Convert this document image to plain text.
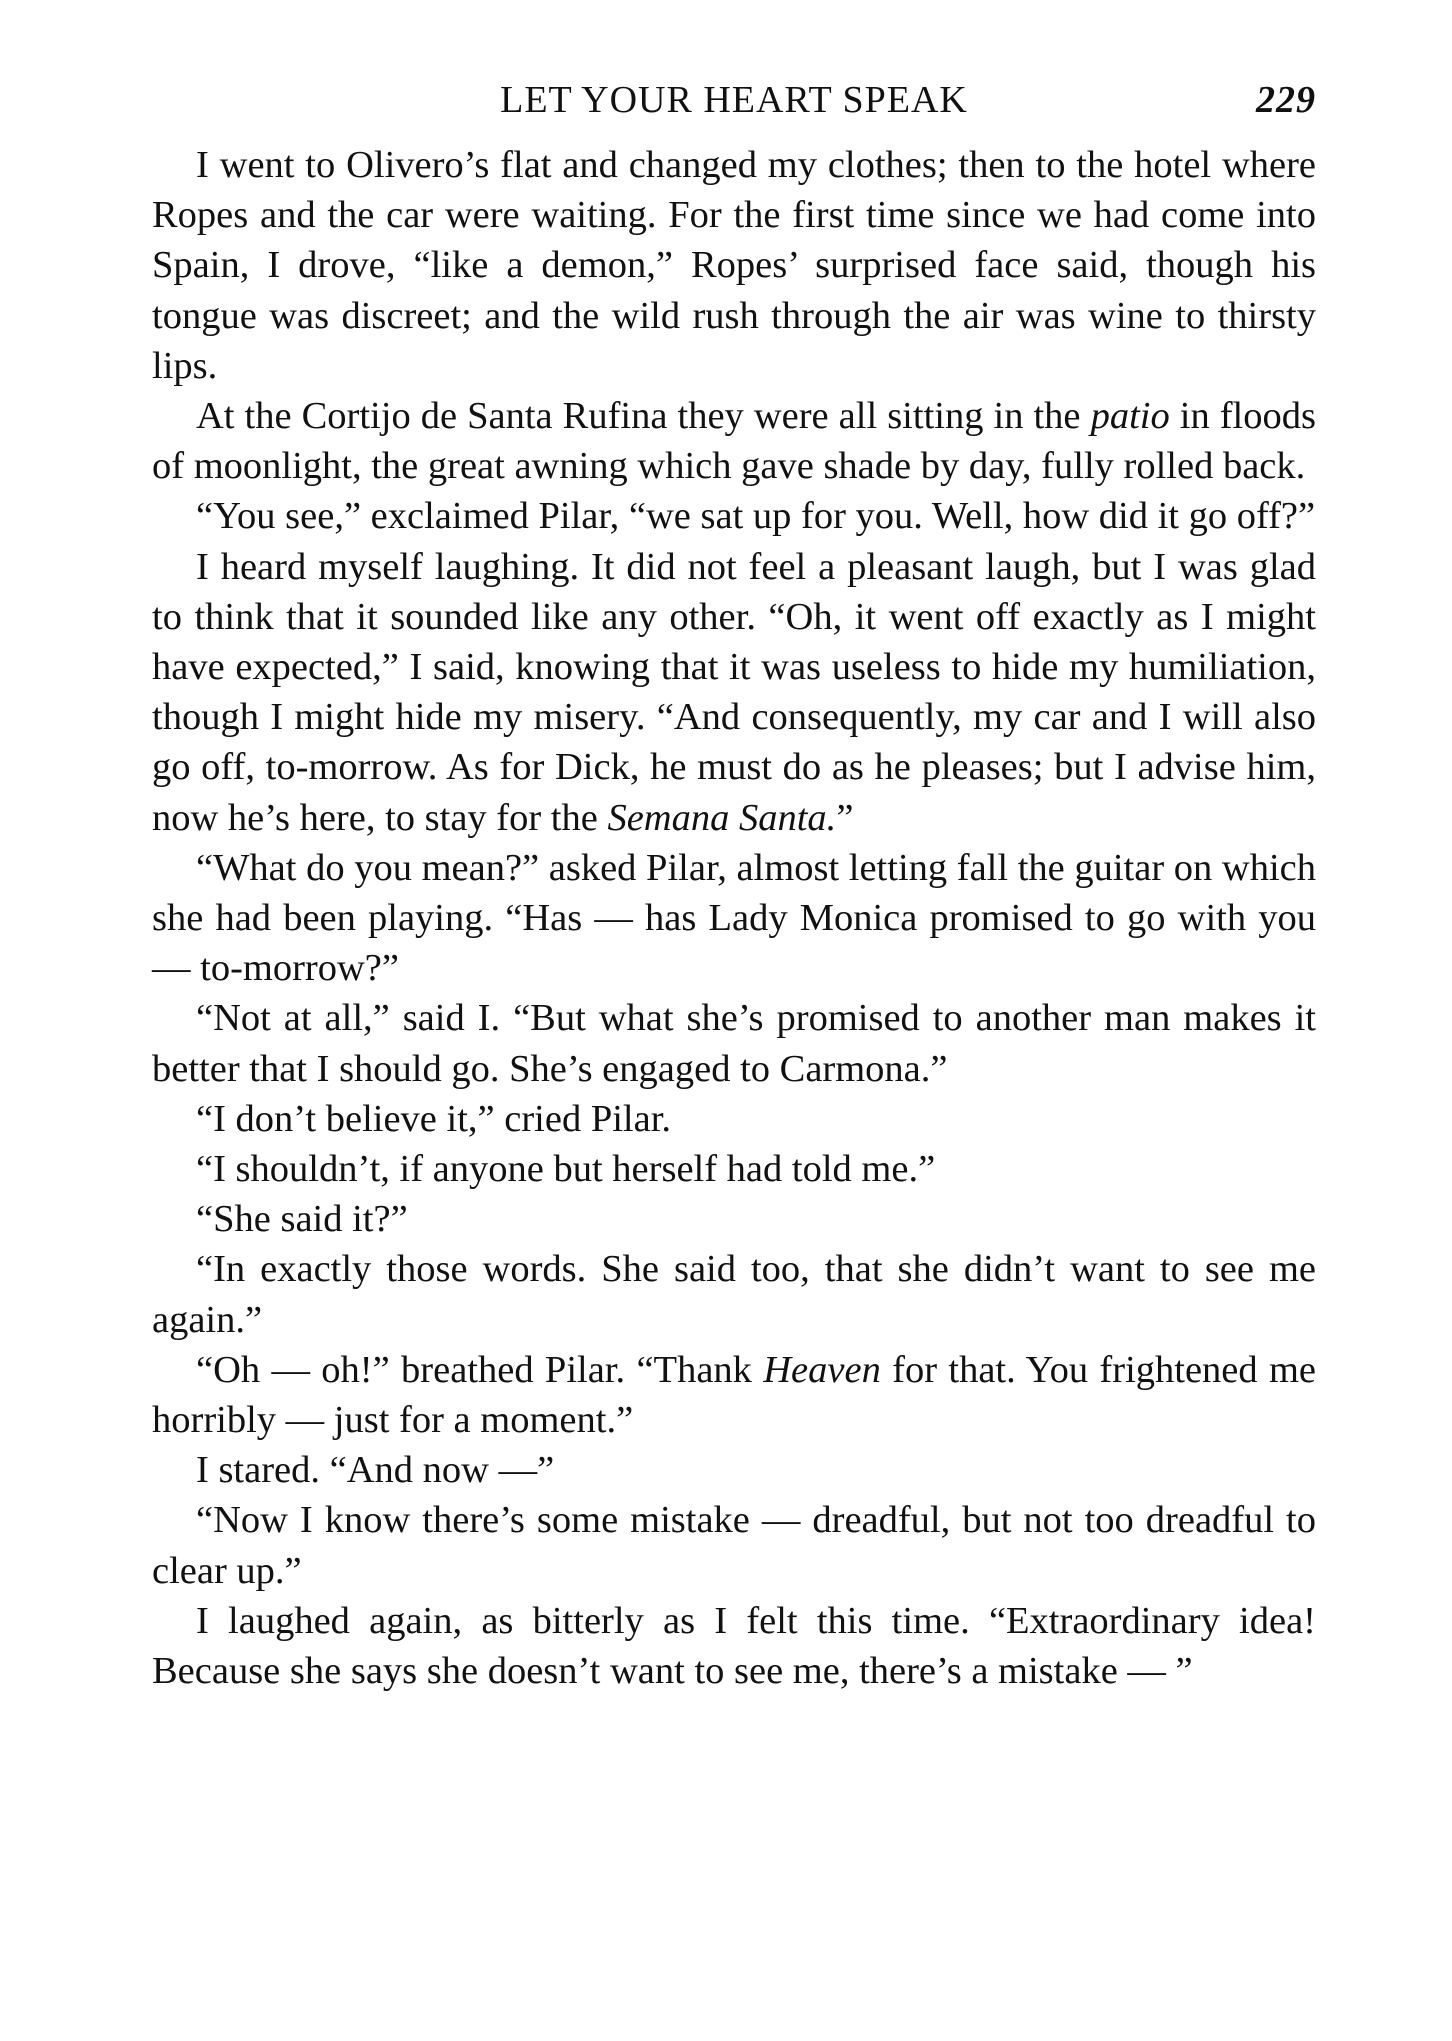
LET YOUR HEART SPEAK	229

I went to Olivero’s flat and changed my clothes; then to the hotel where Ropes and the car were waiting. For the first time since we had come into Spain, I drove, “like a demon,” Ropes’ surprised face said, though his tongue was discreet; and the wild rush through the air was wine to thirsty lips.

At the Cortijo de Santa Rufina they were all sitting in the patio in floods of moonlight, the great awning which gave shade by day, fully rolled back.

“You see,” exclaimed Pilar, “we sat up for you. Well, how did it go off?”

I heard myself laughing. It did not feel a pleasant laugh, but I was glad to think that it sounded like any other. “Oh, it went off exactly as I might have expected,” I said, knowing that it was useless to hide my humiliation, though I might hide my misery. “And consequently, my car and I will also go off, to-morrow. As for Dick, he must do as he pleases; but I advise him, now he’s here, to stay for the Semana Santa.”

“What do you mean?” asked Pilar, almost letting fall the guitar on which she had been playing. “Has — has Lady Monica promised to go with you — to-morrow?”

“Not at all,” said I. “But what she’s promised to another man makes it better that I should go. She’s engaged to Carmona.”

“I don’t believe it,” cried Pilar.

“I shouldn’t, if anyone but herself had told me.”

“She said it?”

“In exactly those words. She said too, that she didn’t want to see me again.”

“Oh — oh!” breathed Pilar. “Thank Heaven for that. You frightened me horribly — just for a moment.”

I stared. “And now —”

“Now I know there’s some mistake — dreadful, but not too dreadful to clear up.”

I laughed again, as bitterly as I felt this time. “Extraordinary idea! Because she says she doesn’t want to see me, there’s a mistake — ”
